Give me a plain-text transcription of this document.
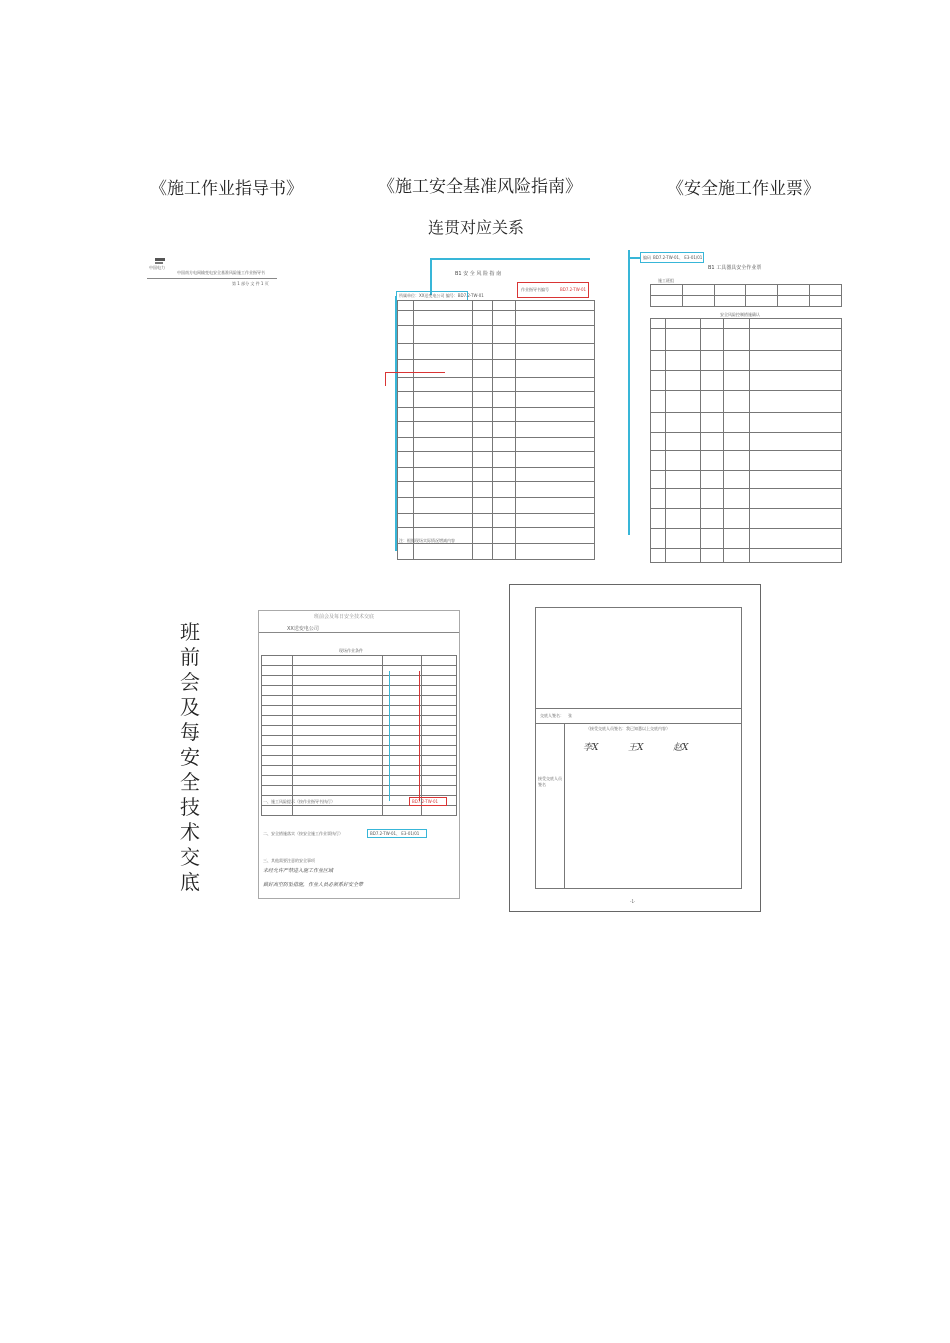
《施工作业指导书》	《施工安全基准风险指南》	《安全施工作业票》
连贯对应关系
中国电力
中国南方电网输变电安全基准风险施工作业指导书
第 1 部分 文 件 1 页
B1 安 全 风 险 指 南
作业指导书编号	BD7.2-TW-01
所属单位：XX送变电公司 编号：BD7.2-TW-01

注：根据现场实际情况增减内容
编码 BD7.2-TW-01、 E3-01/01
B1 工具器具安全作业票
施工班组

安全风险控制措施确认

班
前
会
及
每
安
全
技
术
交
底
班前会及每日安全技术交底
XX送变电公司
现场作业条件

一、施工风险提示（按作业指导书执行）	BD7.2-TW-01
二、安全措施落实（按安全施工作业票执行）	BD7.2-TW-01、 E3-01/01
三、其他需要注意的安全事项
未经允许严禁进入施工作业区域
做好高空防坠措施，作业人员必须系好安全带
交底人签名： 张
（接受交底人员签名：我已知悉以上交底内容）
接受交底人员签名
李X	王X	赵X
-1-
